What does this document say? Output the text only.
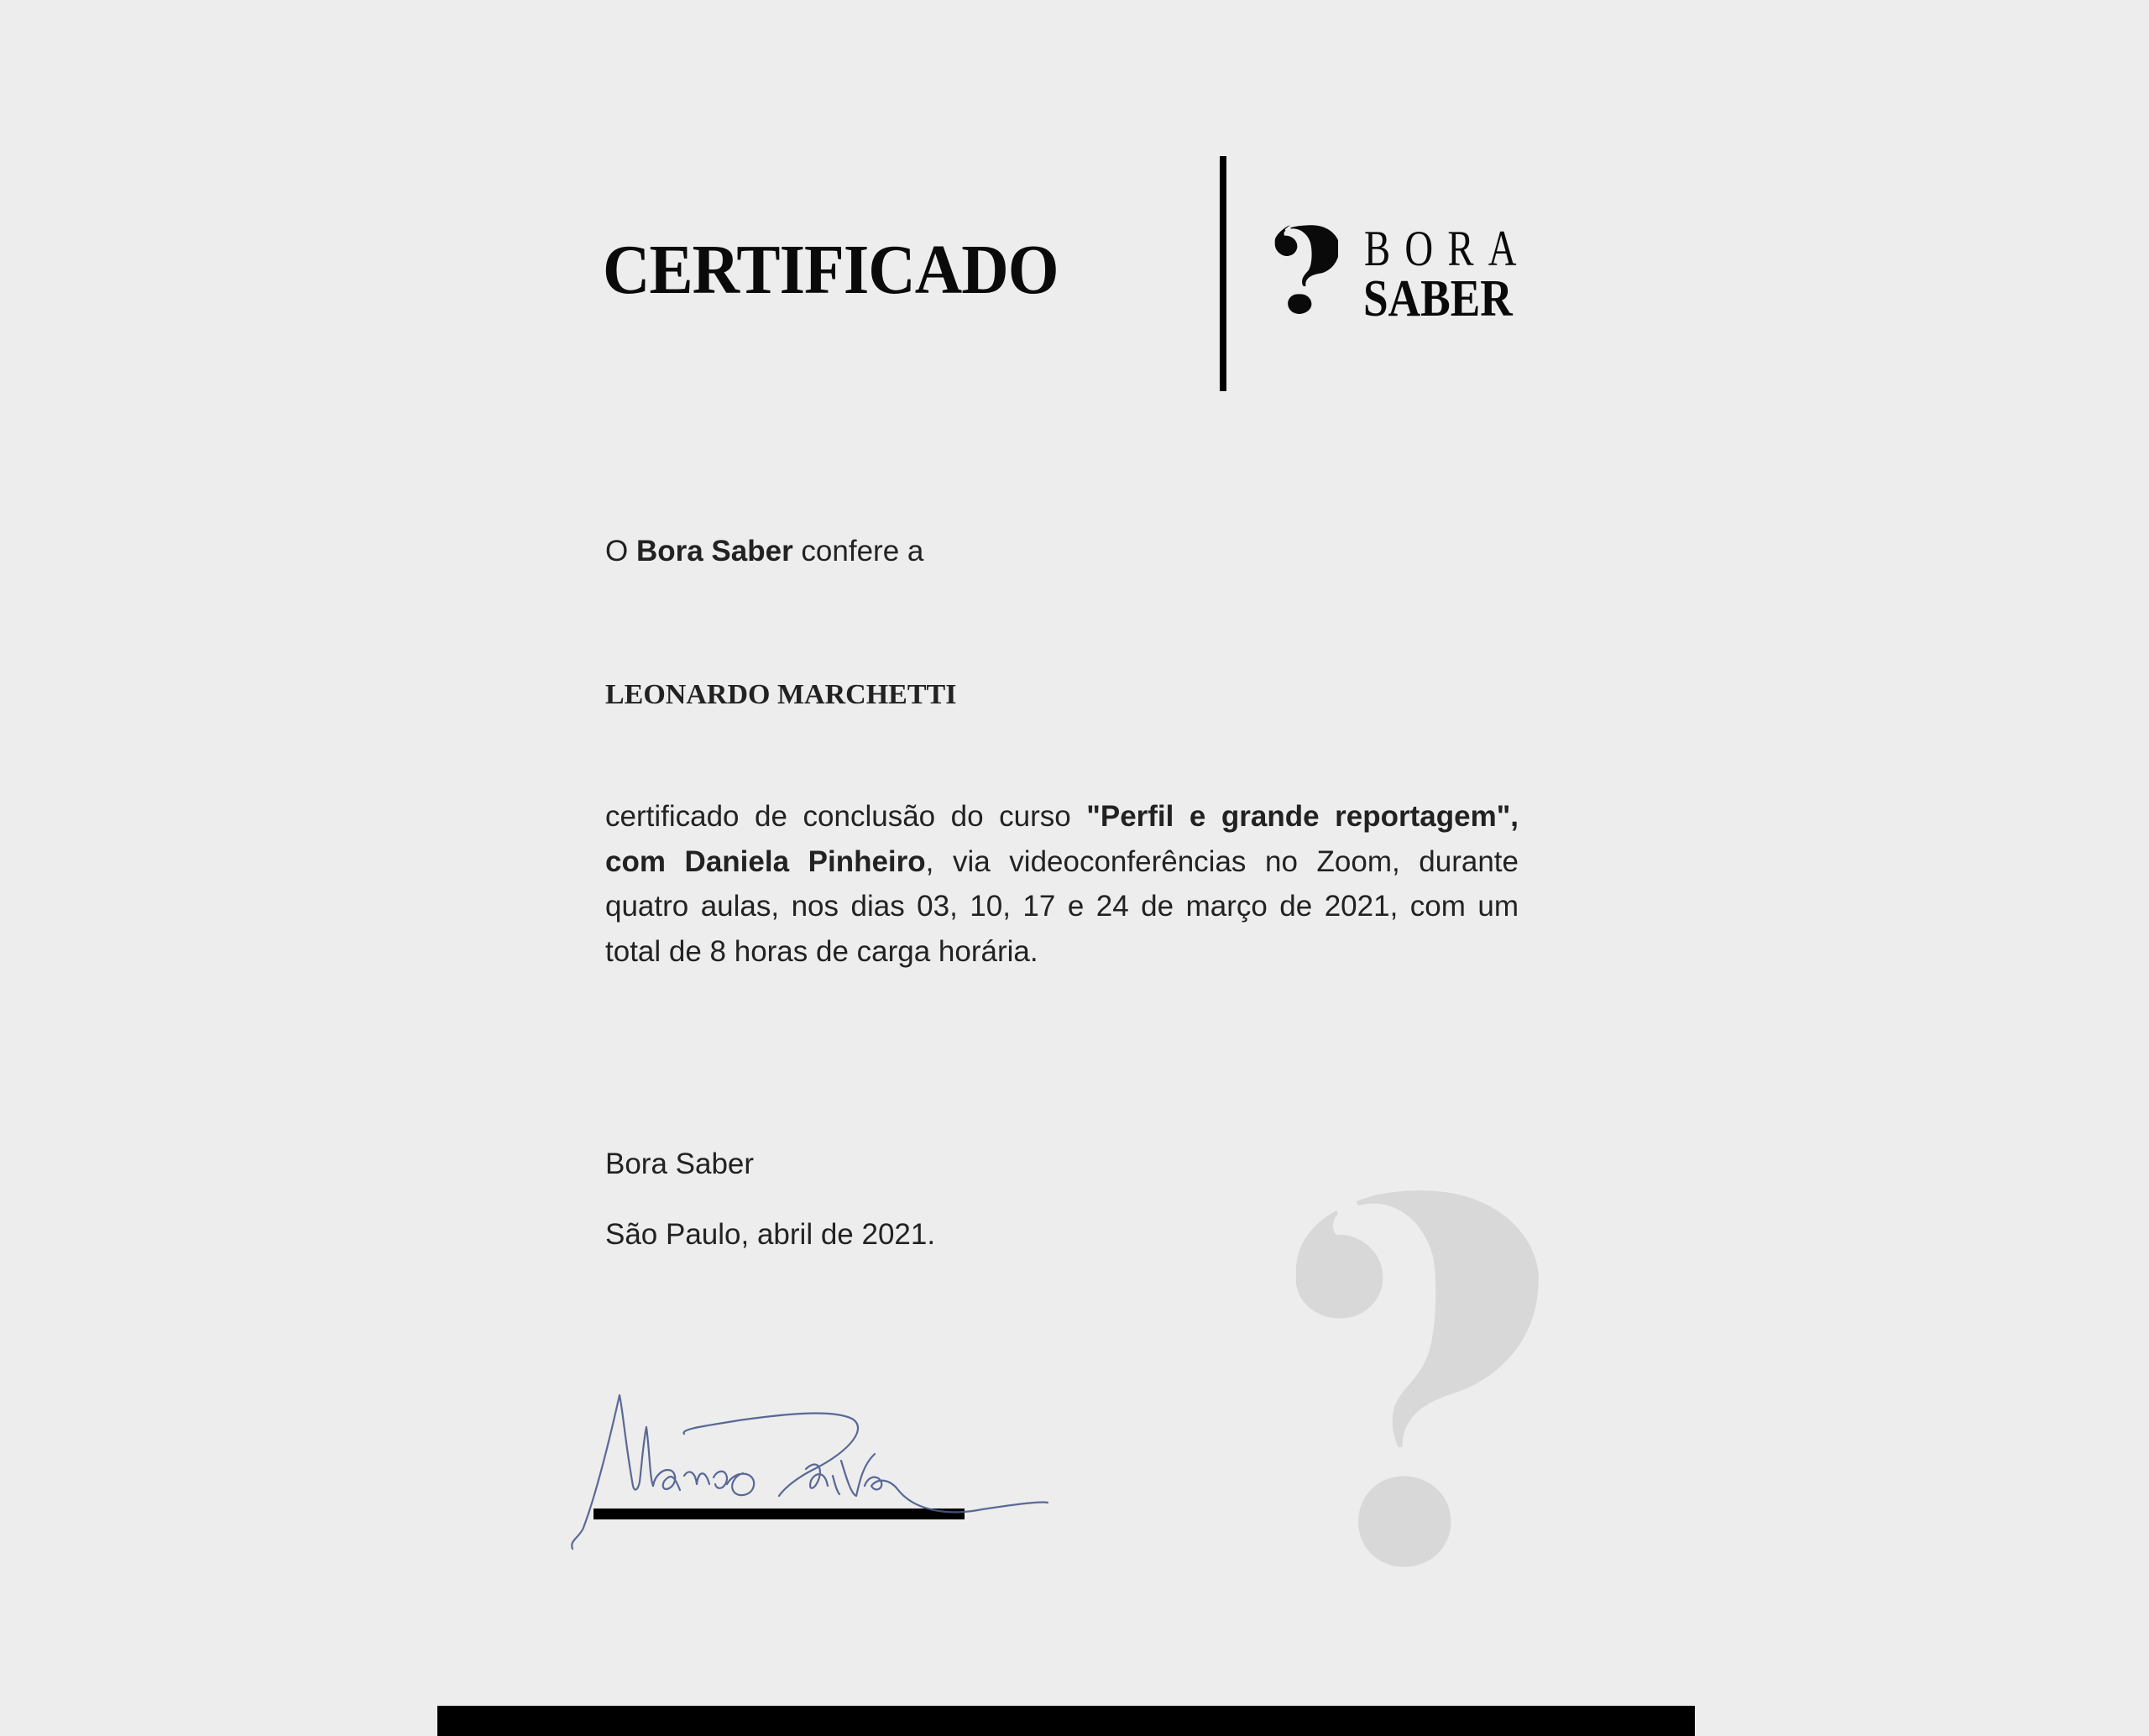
CERTIFICADO	BORA
SABER
O Bora Saber confere a
LEONARDO MARCHETTI
certificado de conclusão do curso "Perfil e grande reportagem", com Daniela Pinheiro, via videoconferências no Zoom, durante quatro aulas, nos dias 03, 10, 17 e 24 de março de 2021, com um total de 8 horas de carga horária.
Bora Saber
São Paulo, abril de 2021.
